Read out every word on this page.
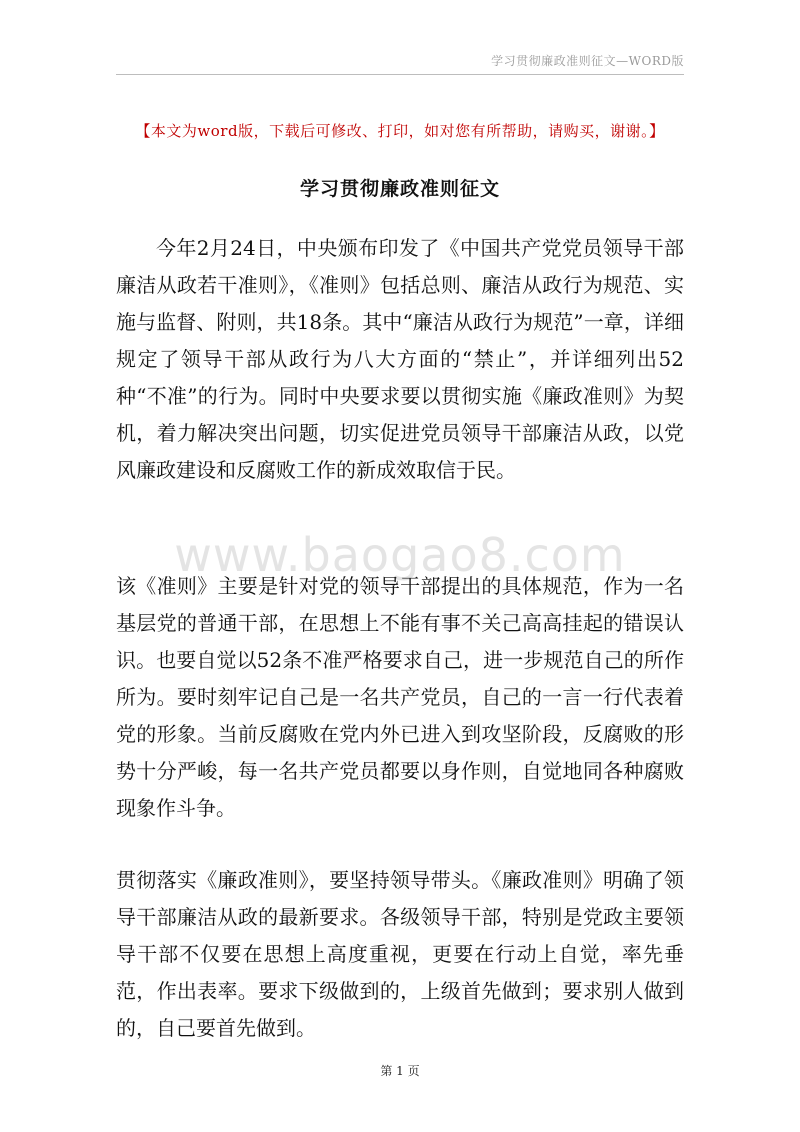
学习贯彻廉政准则征文—WORD版
【本文为word版，下载后可修改、打印，如对您有所帮助，请购买，谢谢。】
学习贯彻廉政准则征文

今年2月24日，中央颁布印发了《中国共产党党员领导干部廉洁从政若干准则》，《准则》包括总则、廉洁从政行为规范、实施与监督、附则，共18条。其中“廉洁从政行为规范”一章，详细规定了领导干部从政行为八大方面的“禁止”，并详细列出52种“不准”的行为。同时中央要求要以贯彻实施《廉政准则》为契机，着力解决突出问题，切实促进党员领导干部廉洁从政，以党风廉政建设和反腐败工作的新成效取信于民。

www.baogao8.com

该《准则》主要是针对党的领导干部提出的具体规范，作为一名基层党的普通干部，在思想上不能有事不关己高高挂起的错误认识。也要自觉以52条不准严格要求自己，进一步规范自己的所作所为。要时刻牢记自己是一名共产党员，自己的一言一行代表着党的形象。当前反腐败在党内外已进入到攻坚阶段，反腐败的形势十分严峻，每一名共产党员都要以身作则，自觉地同各种腐败现象作斗争。

贯彻落实《廉政准则》，要坚持领导带头。《廉政准则》明确了领导干部廉洁从政的最新要求。各级领导干部，特别是党政主要领导干部不仅要在思想上高度重视，更要在行动上自觉，率先垂范，作出表率。要求下级做到的，上级首先做到；要求别人做到的，自己要首先做到。

第 1 页
